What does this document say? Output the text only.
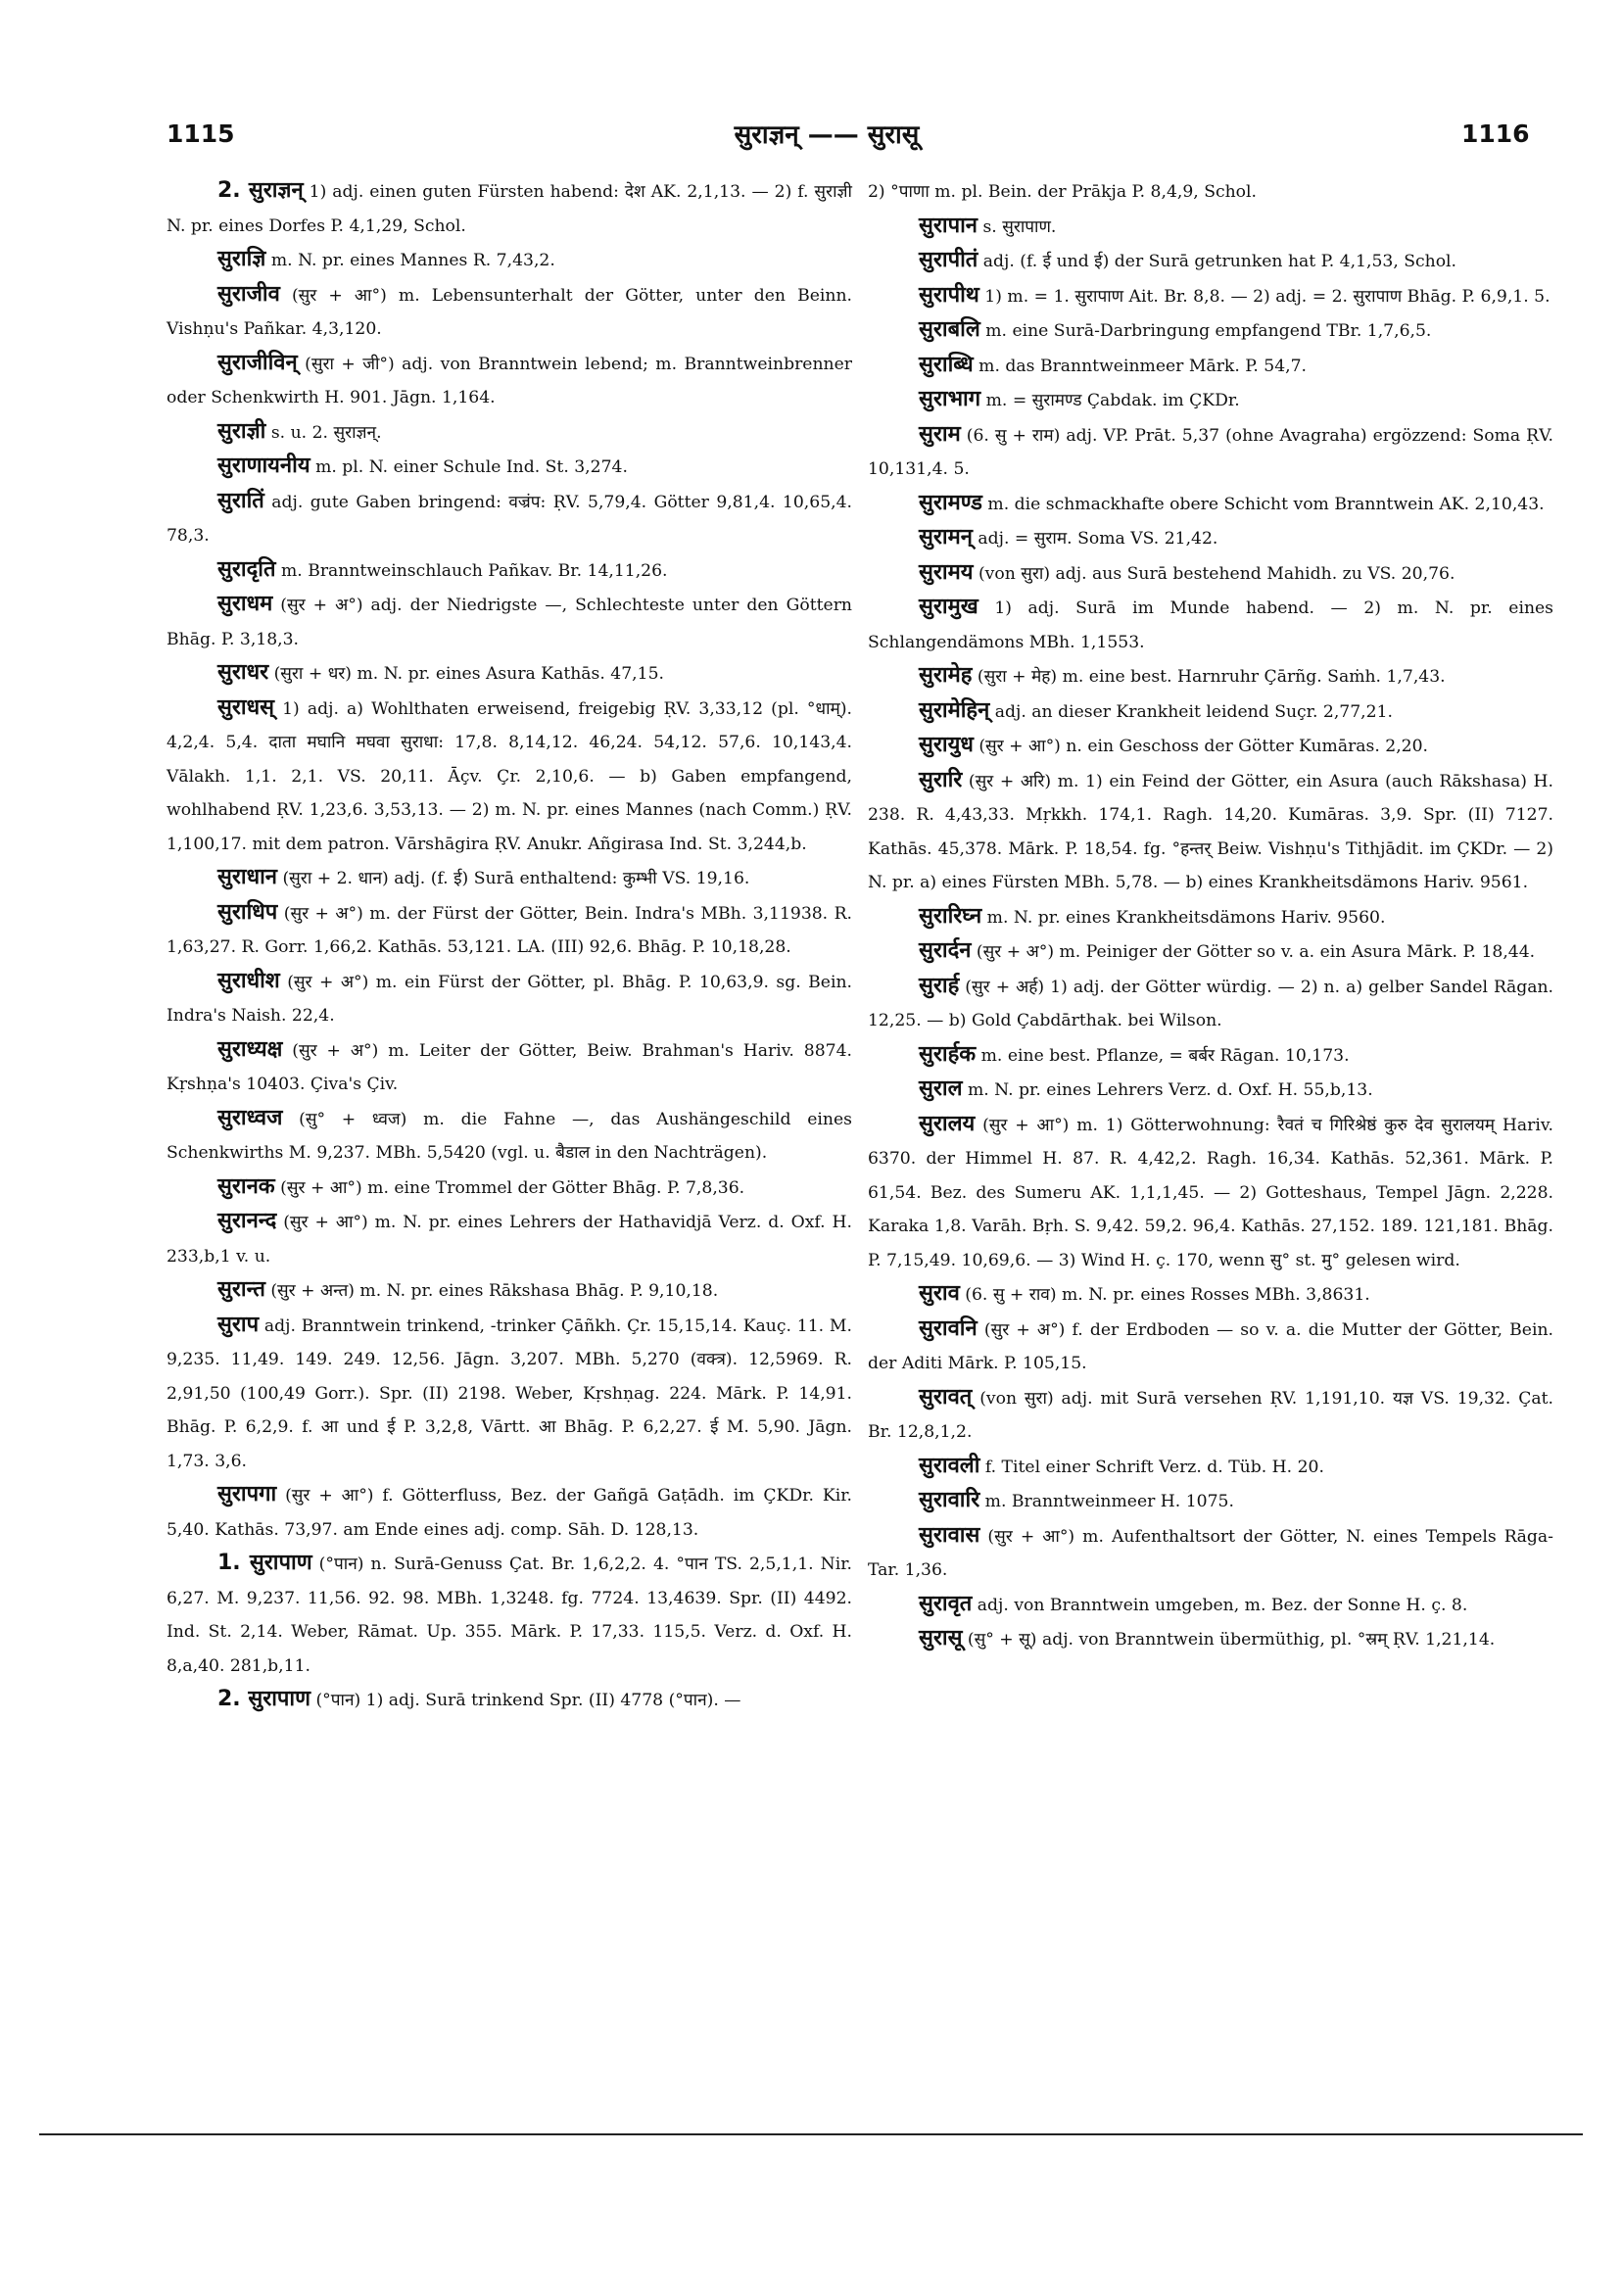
1115	सुराज्ञन् —— सुरासू	1116

2. सुराज्ञन् 1) adj. einen guten Fürsten habend: देश AK. 2,1,13. — 2) f. सुराज्ञी N. pr. eines Dorfes P. 4,1,29, Schol.

सुराज्ञि m. N. pr. eines Mannes R. 7,43,2.

सुराजीव (सुर + आ°) m. Lebensunterhalt der Götter, unter den Beinn. Vishṇu's Pañkar. 4,3,120.

सुराजीविन् (सुरा + जी°) adj. von Branntwein lebend; m. Branntweinbrenner oder Schenkwirth H. 901. Jāgn. 1,164.

सुराज्ञी s. u. 2. सुराज्ञन्.

सुराणायनीय m. pl. N. einer Schule Ind. St. 3,274.

सुरातिं adj. gute Gaben bringend: वज्रंप: ṚV. 5,79,4. Götter 9,81,4. 10,65,4. 78,3.

सुरादृति m. Branntweinschlauch Pañkav. Br. 14,11,26.

सुराधम (सुर + अ°) adj. der Niedrigste —, Schlechteste unter den Göttern Bhāg. P. 3,18,3.

सुराधर (सुरा + धर) m. N. pr. eines Asura Kathās. 47,15.

सुराधस् 1) adj. a) Wohlthaten erweisend, freigebig ṚV. 3,33,12 (pl. °धाम्). 4,2,4. 5,4. दाता मघानि मघवा सुराधा: 17,8. 8,14,12. 46,24. 54,12. 57,6. 10,143,4. Vālakh. 1,1. 2,1. VS. 20,11. Āçv. Çr. 2,10,6. — b) Gaben empfangend, wohlhabend ṚV. 1,23,6. 3,53,13. — 2) m. N. pr. eines Mannes (nach Comm.) ṚV. 1,100,17. mit dem patron. Vārshāgira ṚV. Anukr. Añgirasa Ind. St. 3,244,b.

सुराधान (सुरा + 2. धान) adj. (f. ई) Surā enthaltend: कुम्भी VS. 19,16.

सुराधिप (सुर + अ°) m. der Fürst der Götter, Bein. Indra's MBh. 3,11938. R. 1,63,27. R. Gorr. 1,66,2. Kathās. 53,121. LA. (III) 92,6. Bhāg. P. 10,18,28.

सुराधीश (सुर + अ°) m. ein Fürst der Götter, pl. Bhāg. P. 10,63,9. sg. Bein. Indra's Naish. 22,4.

सुराध्यक्ष (सुर + अ°) m. Leiter der Götter, Beiw. Brahman's Hariv. 8874. Kṛshṇa's 10403. Çiva's Çiv.

सुराध्वज (सु° + ध्वज) m. die Fahne —, das Aushängeschild eines Schenkwirths M. 9,237. MBh. 5,5420 (vgl. u. बैडाल in den Nachträgen).

सुरानक (सुर + आ°) m. eine Trommel der Götter Bhāg. P. 7,8,36.

सुरानन्द (सुर + आ°) m. N. pr. eines Lehrers der Hathavidjā Verz. d. Oxf. H. 233,b,1 v. u.

सुरान्त (सुर + अन्त) m. N. pr. eines Rākshasa Bhāg. P. 9,10,18.

सुराप adj. Branntwein trinkend, -trinker Çāñkh. Çr. 15,15,14. Kauç. 11. M. 9,235. 11,49. 149. 249. 12,56. Jāgn. 3,207. MBh. 5,270 (वक्त्र). 12,5969. R. 2,91,50 (100,49 Gorr.). Spr. (II) 2198. Weber, Kṛshṇag. 224. Mārk. P. 14,91. Bhāg. P. 6,2,9. f. आ und ई P. 3,2,8, Vārtt. आ Bhāg. P. 6,2,27. ई M. 5,90. Jāgn. 1,73. 3,6.

सुरापगा (सुर + आ°) f. Götterfluss, Bez. der Gañgā Gaṭādh. im ÇKDr. Kir. 5,40. Kathās. 73,97. am Ende eines adj. comp. Sāh. D. 128,13.

1. सुरापाण (°पान) n. Surā-Genuss Çat. Br. 1,6,2,2. 4. °पान TS. 2,5,1,1. Nir. 6,27. M. 9,237. 11,56. 92. 98. MBh. 1,3248. fg. 7724. 13,4639. Spr. (II) 4492. Ind. St. 2,14. Weber, Rāmat. Up. 355. Mārk. P. 17,33. 115,5. Verz. d. Oxf. H. 8,a,40. 281,b,11.

2. सुरापाण (°पान) 1) adj. Surā trinkend Spr. (II) 4778 (°पान). —

2) °पाणा m. pl. Bein. der Prākja P. 8,4,9, Schol.

सुरापान s. सुरापाण.

सुरापीतं adj. (f. ई und ई) der Surā getrunken hat P. 4,1,53, Schol.

सुरापीथ 1) m. = 1. सुरापाण Ait. Br. 8,8. — 2) adj. = 2. सुरापाण Bhāg. P. 6,9,1. 5.

सुराबलि m. eine Surā-Darbringung empfangend TBr. 1,7,6,5.

सुराब्धि m. das Branntweinmeer Mārk. P. 54,7.

सुराभाग m. = सुरामण्ड Çabdak. im ÇKDr.

सुराम (6. सु + राम) adj. VP. Prāt. 5,37 (ohne Avagraha) ergözzend: Soma ṚV. 10,131,4. 5.

सुरामण्ड m. die schmackhafte obere Schicht vom Branntwein AK. 2,10,43.

सुरामन् adj. = सुराम. Soma VS. 21,42.

सुरामय (von सुरा) adj. aus Surā bestehend Mahidh. zu VS. 20,76.

सुरामुख 1) adj. Surā im Munde habend. — 2) m. N. pr. eines Schlangendämons MBh. 1,1553.

सुरामेह (सुरा + मेह) m. eine best. Harnruhr Çārñg. Saṁh. 1,7,43.

सुरामेहिन् adj. an dieser Krankheit leidend Suçr. 2,77,21.

सुरायुध (सुर + आ°) n. ein Geschoss der Götter Kumāras. 2,20.

सुरारि (सुर + अरि) m. 1) ein Feind der Götter, ein Asura (auch Rākshasa) H. 238. R. 4,43,33. Mṛkkh. 174,1. Ragh. 14,20. Kumāras. 3,9. Spr. (II) 7127. Kathās. 45,378. Mārk. P. 18,54. fg. °हन्तर् Beiw. Vishṇu's Tithjādit. im ÇKDr. — 2) N. pr. a) eines Fürsten MBh. 5,78. — b) eines Krankheitsdämons Hariv. 9561.

सुरारिघ्न m. N. pr. eines Krankheitsdämons Hariv. 9560.

सुरार्दन (सुर + अ°) m. Peiniger der Götter so v. a. ein Asura Mārk. P. 18,44.

सुरार्ह (सुर + अर्ह) 1) adj. der Götter würdig. — 2) n. a) gelber Sandel Rāgan. 12,25. — b) Gold Çabdārthak. bei Wilson.

सुरार्हक m. eine best. Pflanze, = बर्बर Rāgan. 10,173.

सुराल m. N. pr. eines Lehrers Verz. d. Oxf. H. 55,b,13.

सुरालय (सुर + आ°) m. 1) Götterwohnung: रैवतं च गिरिश्रेष्ठं कुरु देव सुरालयम् Hariv. 6370. der Himmel H. 87. R. 4,42,2. Ragh. 16,34. Kathās. 52,361. Mārk. P. 61,54. Bez. des Sumeru AK. 1,1,1,45. — 2) Gotteshaus, Tempel Jāgn. 2,228. Karaka 1,8. Varāh. Bṛh. S. 9,42. 59,2. 96,4. Kathās. 27,152. 189. 121,181. Bhāg. P. 7,15,49. 10,69,6. — 3) Wind H. ç. 170, wenn सु° st. मु° gelesen wird.

सुराव (6. सु + राव) m. N. pr. eines Rosses MBh. 3,8631.

सुरावनि (सुर + अ°) f. der Erdboden — so v. a. die Mutter der Götter, Bein. der Aditi Mārk. P. 105,15.

सुरावत् (von सुरा) adj. mit Surā versehen ṚV. 1,191,10. यज्ञ VS. 19,32. Çat. Br. 12,8,1,2.

सुरावली f. Titel einer Schrift Verz. d. Tüb. H. 20.

सुरावारि m. Branntweinmeer H. 1075.

सुरावास (सुर + आ°) m. Aufenthaltsort der Götter, N. eines Tempels Rāga-Tar. 1,36.

सुरावृत adj. von Branntwein umgeben, m. Bez. der Sonne H. ç. 8.

सुरासू (सु° + सू) adj. von Branntwein übermüthig, pl. °स्रम् ṚV. 1,21,14.
